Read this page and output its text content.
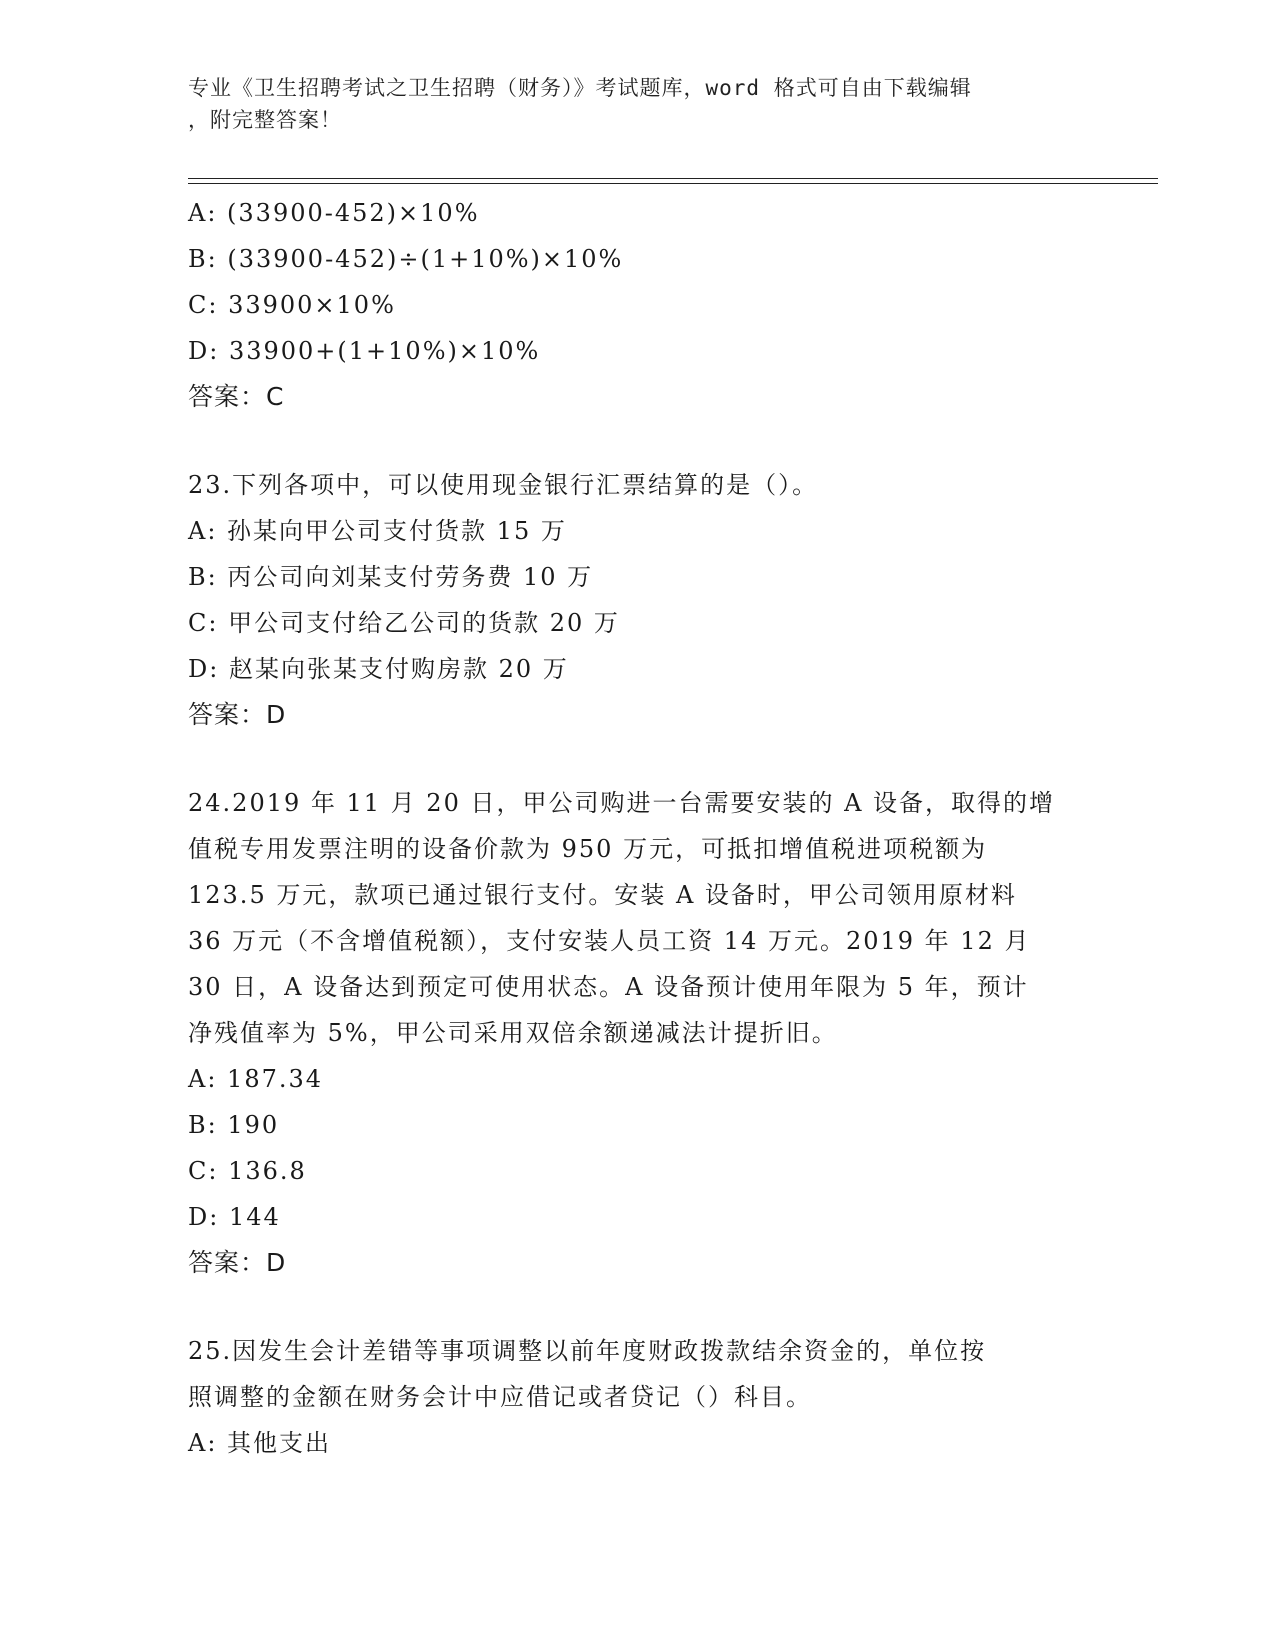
专业《卫生招聘考试之卫生招聘（财务）》考试题库，word 格式可自由下载编辑
，附完整答案！
A: (33900-452)×10%
B: (33900-452)÷(1+10%)×10%
C: 33900×10%
D: 33900+(1+10%)×10%
答案：C
23.下列各项中，可以使用现金银行汇票结算的是（）。
A: 孙某向甲公司支付货款 15 万
B: 丙公司向刘某支付劳务费 10 万
C: 甲公司支付给乙公司的货款 20 万
D: 赵某向张某支付购房款 20 万
答案：D
24.2019 年 11 月 20 日，甲公司购进一台需要安装的 A 设备，取得的增
值税专用发票注明的设备价款为 950 万元，可抵扣增值税进项税额为
123.5 万元，款项已通过银行支付。安装 A 设备时，甲公司领用原材料
36 万元（不含增值税额），支付安装人员工资 14 万元。2019 年 12 月
30 日，A 设备达到预定可使用状态。A 设备预计使用年限为 5 年，预计
净残值率为 5%，甲公司采用双倍余额递减法计提折旧。
A: 187.34
B: 190
C: 136.8
D: 144
答案：D
25.因发生会计差错等事项调整以前年度财政拨款结余资金的，单位按
照调整的金额在财务会计中应借记或者贷记（）科目。
A: 其他支出
